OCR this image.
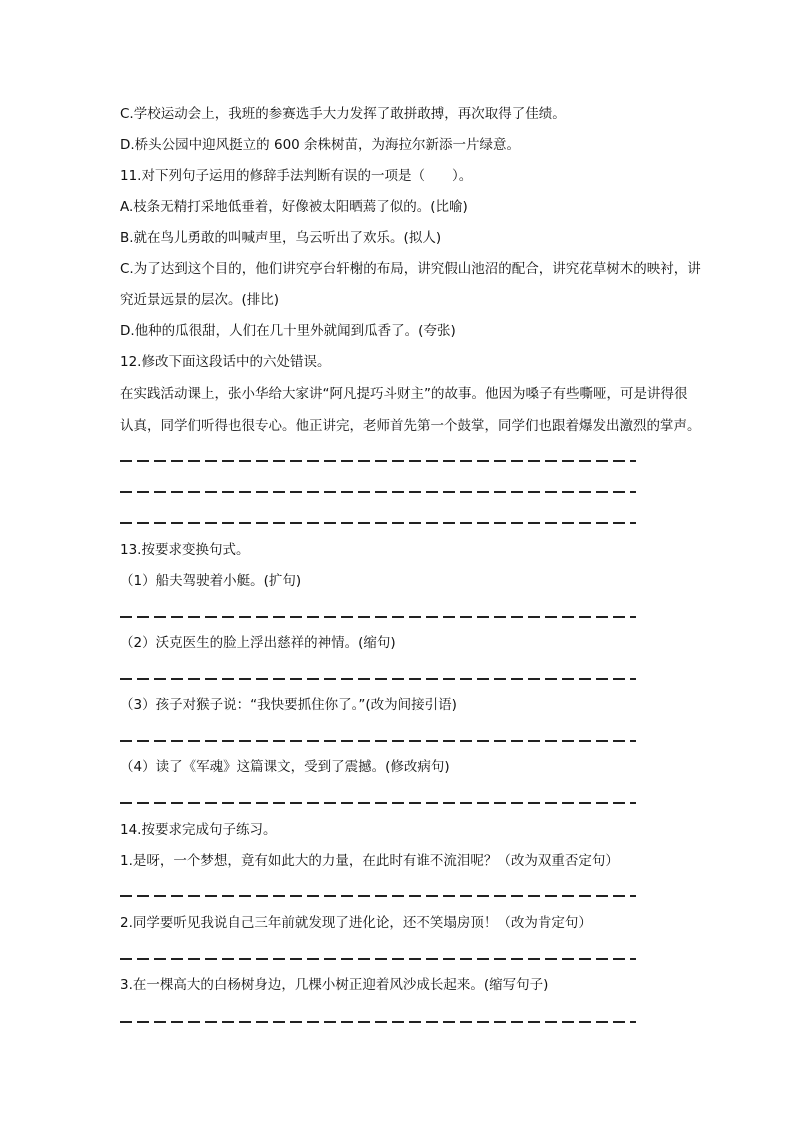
C.学校运动会上，我班的参赛选手大力发挥了敢拼敢搏，再次取得了佳绩。
D.桥头公园中迎风挺立的 600 余株树苗，为海拉尔新添一片绿意。
11.对下列句子运用的修辞手法判断有误的一项是（　　）。
A.枝条无精打采地低垂着，好像被太阳晒蔫了似的。(比喻)
B.就在鸟儿勇敢的叫喊声里，乌云听出了欢乐。(拟人)
C.为了达到这个目的，他们讲究亭台轩榭的布局，讲究假山池沼的配合，讲究花草树木的映衬，讲
究近景远景的层次。(排比)
D.他种的瓜很甜，人们在几十里外就闻到瓜香了。(夸张)
12.修改下面这段话中的六处错误。
在实践活动课上，张小华给大家讲“阿凡提巧斗财主”的故事。他因为嗓子有些嘶哑，可是讲得很
认真，同学们听得也很专心。他正讲完，老师首先第一个鼓掌，同学们也跟着爆发出激烈的掌声。
13.按要求变换句式。
（1）船夫驾驶着小艇。(扩句)
（2）沃克医生的脸上浮出慈祥的神情。(缩句)
（3）孩子对猴子说：“我快要抓住你了。”(改为间接引语)
（4）读了《军魂》这篇课文，受到了震撼。(修改病句)
14.按要求完成句子练习。
1.是呀，一个梦想，竟有如此大的力量，在此时有谁不流泪呢？（改为双重否定句）
2.同学要听见我说自己三年前就发现了进化论，还不笑塌房顶！（改为肯定句）
3.在一棵高大的白杨树身边，几棵小树正迎着风沙成长起来。(缩写句子)
